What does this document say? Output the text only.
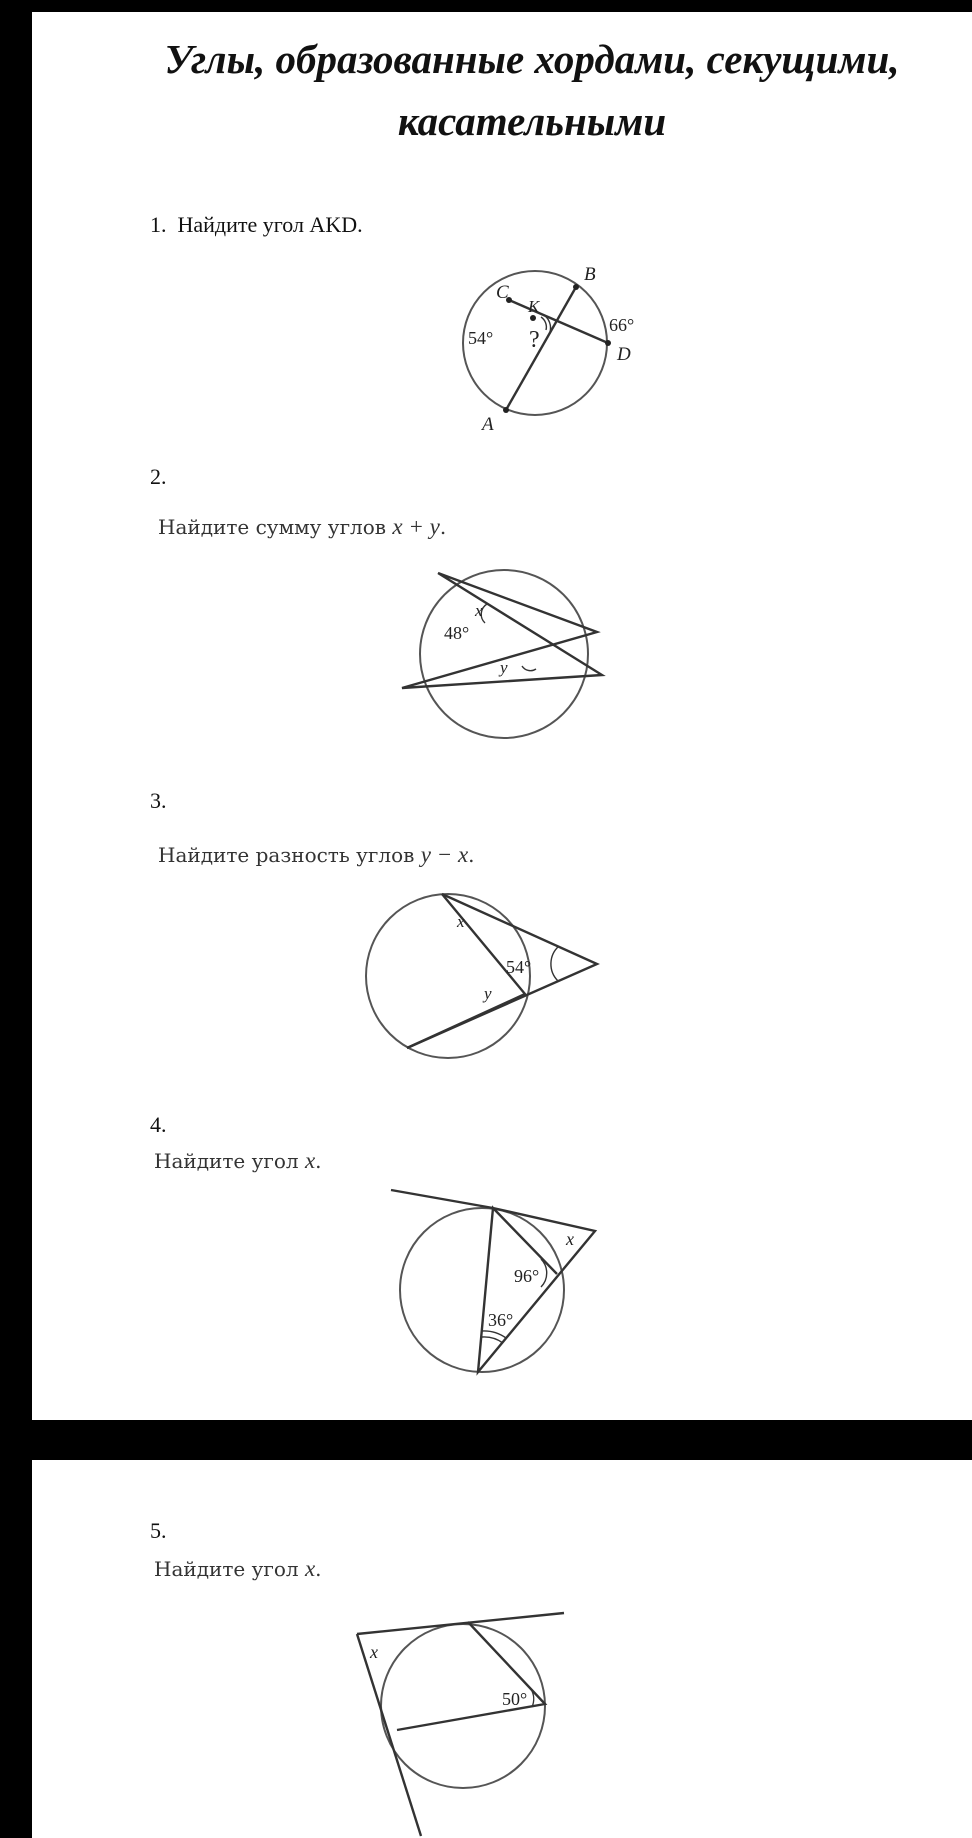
Углы, образованные хордами, секущими,
касательными
1. Найдите угол AKD.
C
B
K
A
D
54°
66°
?
2.
Найдите сумму углов x + y.
x
48°
y
3.
Найдите разность углов y − x.
x
54°
y
4.
Найдите угол x.
x
96°
36°
5.
Найдите угол x.
x
50°
